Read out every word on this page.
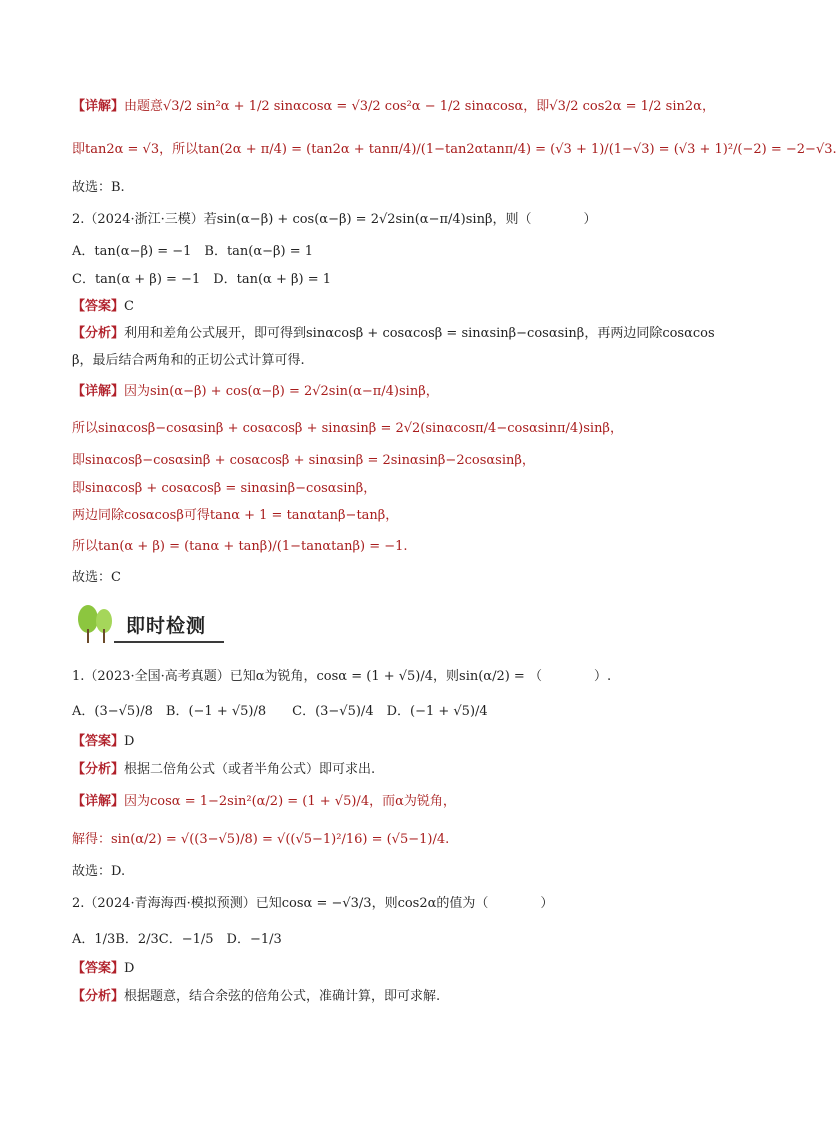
【详解】由题意√3/2 sin²α + 1/2 sinαcosα = √3/2 cos²α − 1/2 sinαcosα，即√3/2 cos2α = 1/2 sin2α，
即tan2α = √3，所以tan(2α + π/4) = (tan2α + tanπ/4)/(1−tan2αtanπ/4) = (√3 + 1)/(1−√3) = (√3 + 1)²/(−2) = −2−√3.
故选：B.
2.（2024·浙江·三模）若sin(α−β) + cos(α−β) = 2√2sin(α−π/4)sinβ，则（　　　　）
A．tan(α−β) = −1　B．tan(α−β) = 1
C．tan(α + β) = −1　D．tan(α + β) = 1
【答案】C
【分析】利用和差角公式展开，即可得到sinαcosβ + cosαcosβ = sinαsinβ−cosαsinβ，再两边同除cosαcos
β，最后结合两角和的正切公式计算可得.
【详解】因为sin(α−β) + cos(α−β) = 2√2sin(α−π/4)sinβ，
所以sinαcosβ−cosαsinβ + cosαcosβ + sinαsinβ = 2√2(sinαcosπ/4−cosαsinπ/4)sinβ，
即sinαcosβ−cosαsinβ + cosαcosβ + sinαsinβ = 2sinαsinβ−2cosαsinβ，
即sinαcosβ + cosαcosβ = sinαsinβ−cosαsinβ，
两边同除cosαcosβ可得tanα + 1 = tanαtanβ−tanβ，
所以tan(α + β) = (tanα + tanβ)/(1−tanαtanβ) = −1.
故选：C
1.（2023·全国·高考真题）已知α为锐角，cosα = (1 + √5)/4，则sin(α/2) = （　　　　）.
A．(3−√5)/8　B．(−1 + √5)/8　　C．(3−√5)/4　D．(−1 + √5)/4
【答案】D
【分析】根据二倍角公式（或者半角公式）即可求出.
【详解】因为cosα = 1−2sin²(α/2) = (1 + √5)/4，而α为锐角，
解得：sin(α/2) = √((3−√5)/8) = √((√5−1)²/16) = (√5−1)/4.
故选：D.
2.（2024·青海海西·模拟预测）已知cosα = −√3/3，则cos2α的值为（　　　　）
A．1/3B．2/3C．−1/5　D．−1/3
【答案】D
【分析】根据题意，结合余弦的倍角公式，准确计算，即可求解.
即时检测
